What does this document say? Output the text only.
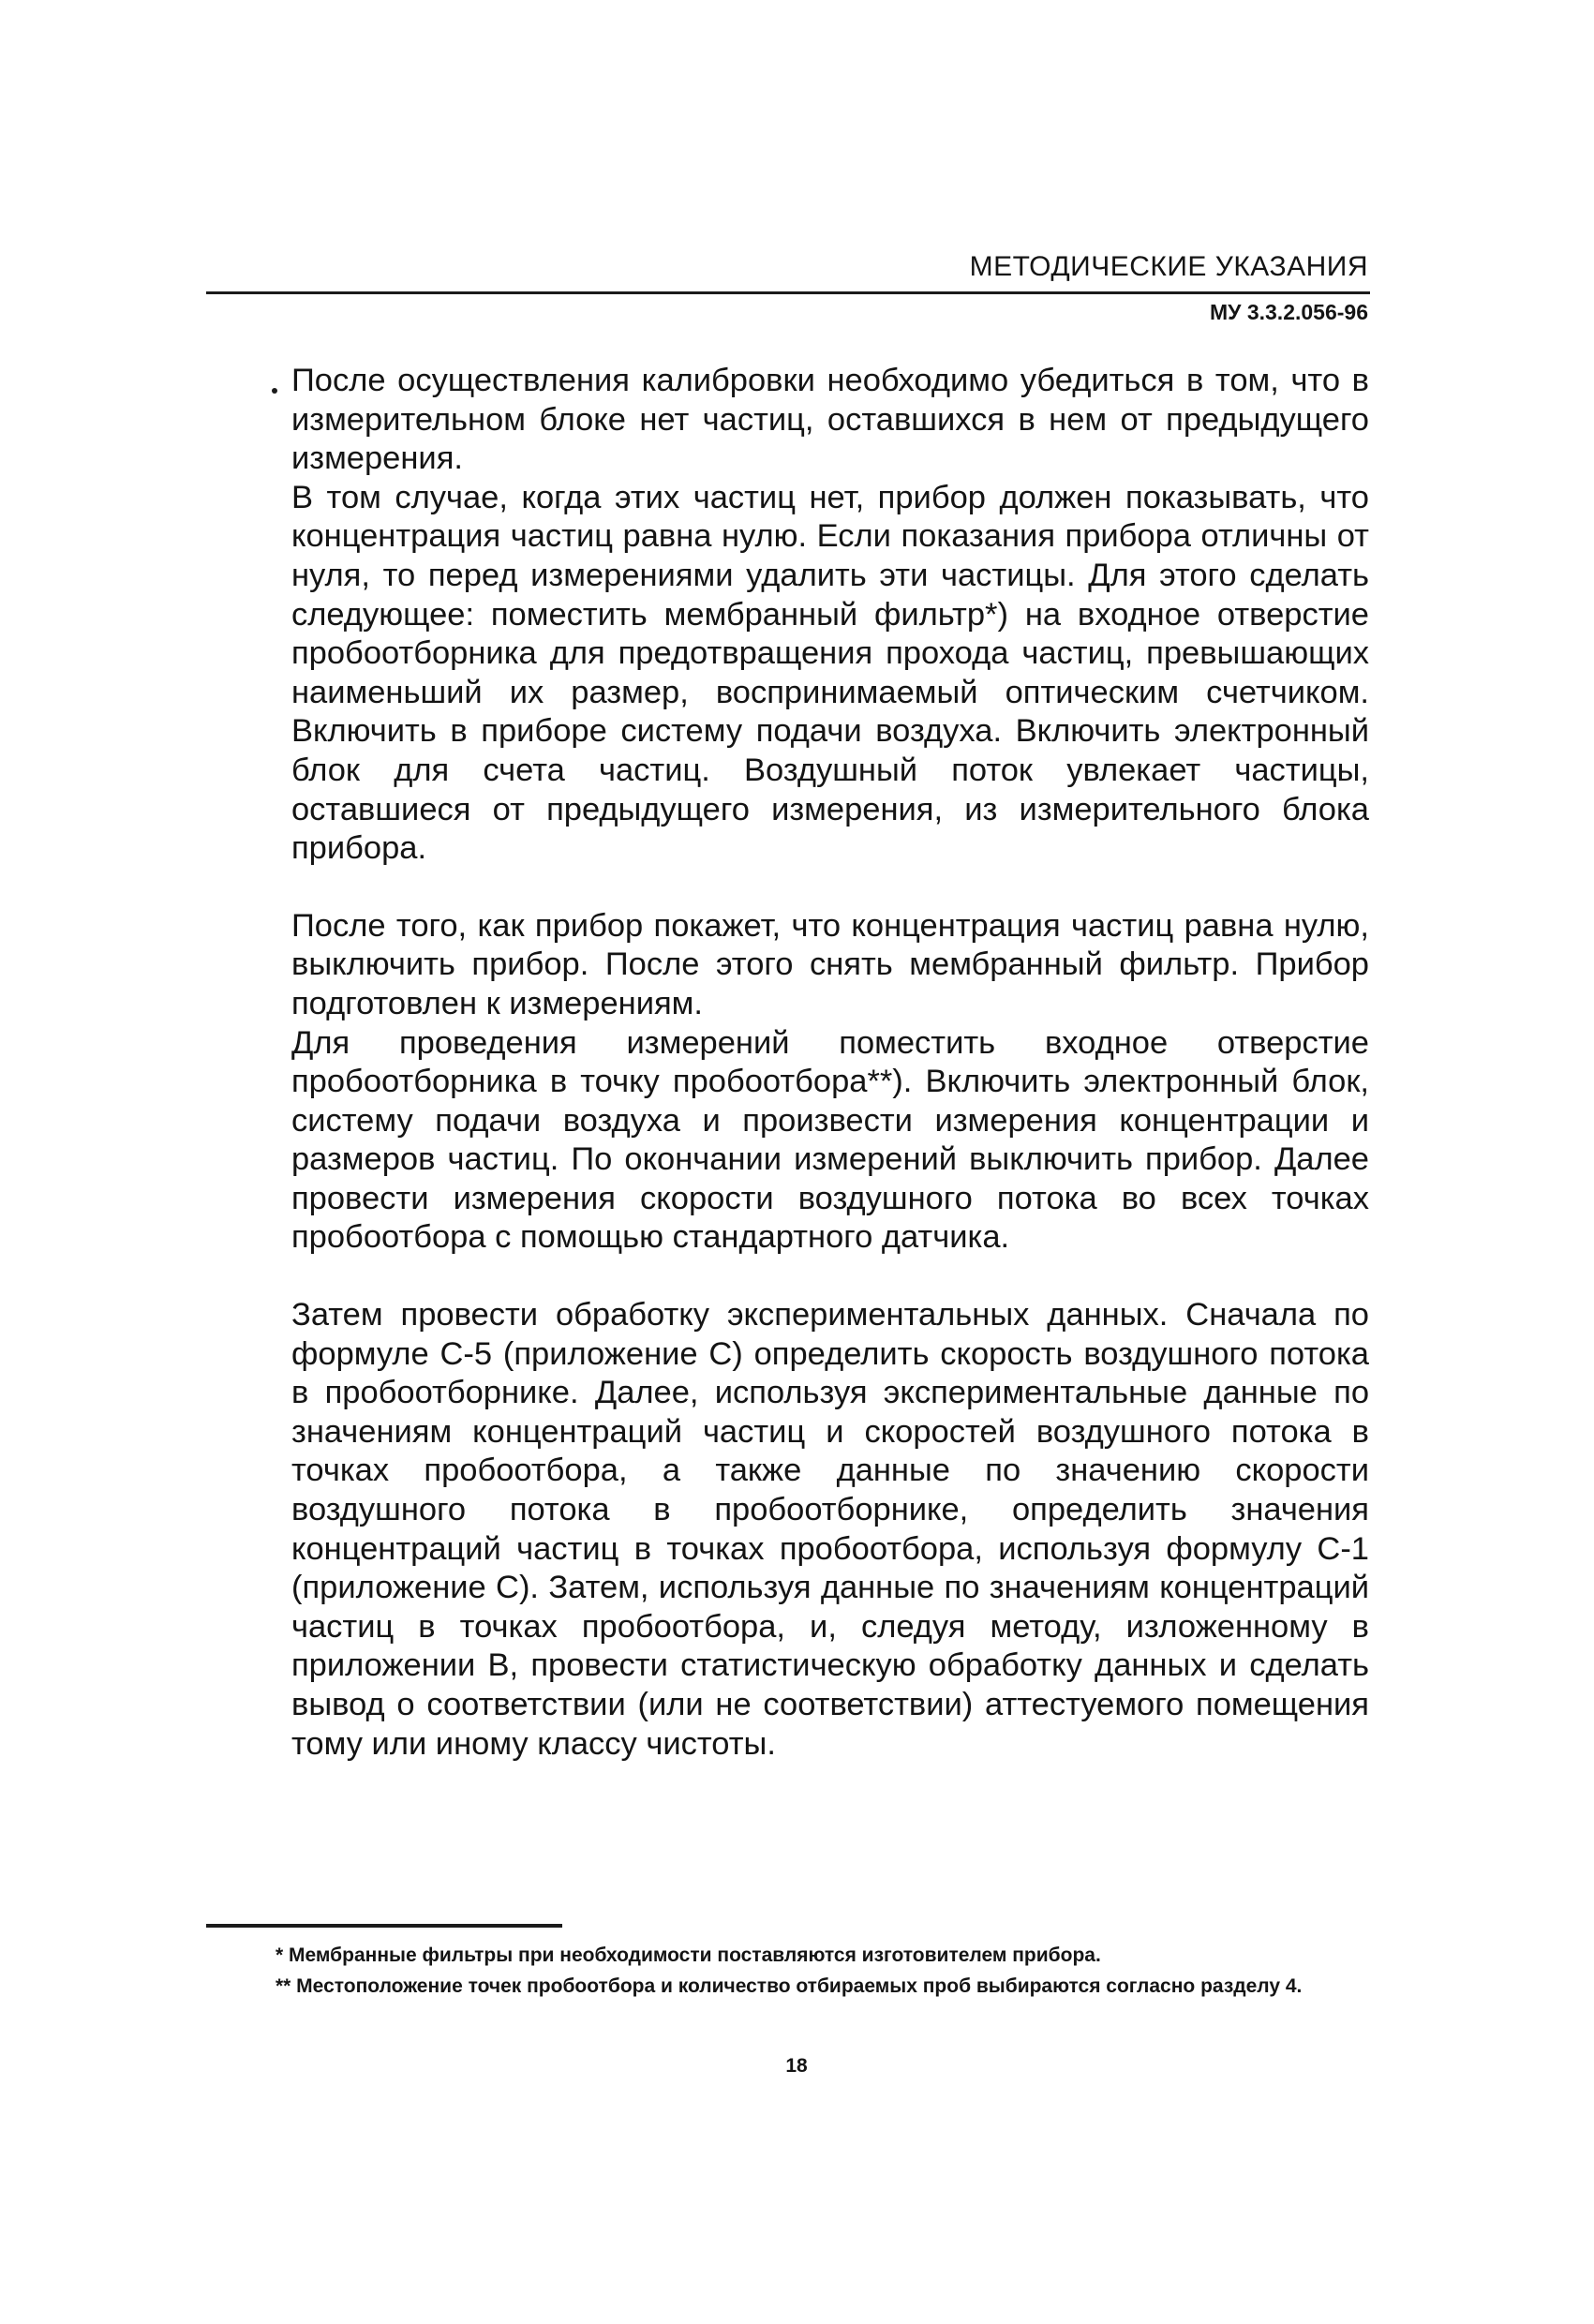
МЕТОДИЧЕСКИЕ УКАЗАНИЯ
МУ 3.3.2.056-96

После осуществления калибровки необходимо убедиться в том, что в измерительном блоке нет частиц, оставшихся в нем от предыдущего измерения.

В том случае, когда этих частиц нет, прибор должен показывать, что концентрация частиц равна нулю. Если показания прибора отличны от нуля, то перед измерениями удалить эти частицы. Для этого сделать следующее: поместить мембранный фильтр*) на входное отверстие пробоотборника для предотвращения прохода частиц, превышающих наименьший их размер, воспринимаемый оптическим счетчиком. Включить в приборе систему подачи воздуха. Включить электронный блок для счета частиц. Воздушный поток увлекает частицы, оставшиеся от предыдущего измерения, из измерительного блока прибора.

После того, как прибор покажет, что концентрация частиц равна нулю, выключить прибор. После этого снять мембранный фильтр. Прибор подготовлен к измерениям.

Для проведения измерений поместить входное отверстие пробоотборника в точку пробоотбора**). Включить электронный блок, систему подачи воздуха и произвести измерения концентрации и размеров частиц. По окончании измерений выключить прибор. Далее провести измерения скорости воздушного потока во всех точках пробоотбора с помощью стандартного датчика.

Затем провести обработку экспериментальных данных. Сначала по формуле С-5 (приложение С) определить скорость воздушного потока в пробоотборнике. Далее, используя экспериментальные данные по значениям концентраций частиц и скоростей воздушного потока в точках пробоотбора, а также данные по значению скорости воздушного потока в пробоотборнике, определить значения концентраций частиц в точках пробоотбора, используя формулу С-1 (приложение С). Затем, используя данные по значениям концентраций частиц в точках пробоотбора, и, следуя методу, изложенному в приложении В, провести статистическую обработку данных и сделать вывод о соответствии (или не соответствии) аттестуемого помещения тому или иному классу чистоты.

* Мембранные фильтры при необходимости поставляются изготовителем прибора.

** Местоположение точек пробоотбора и количество отбираемых проб выбираются согласно разделу 4.

18
